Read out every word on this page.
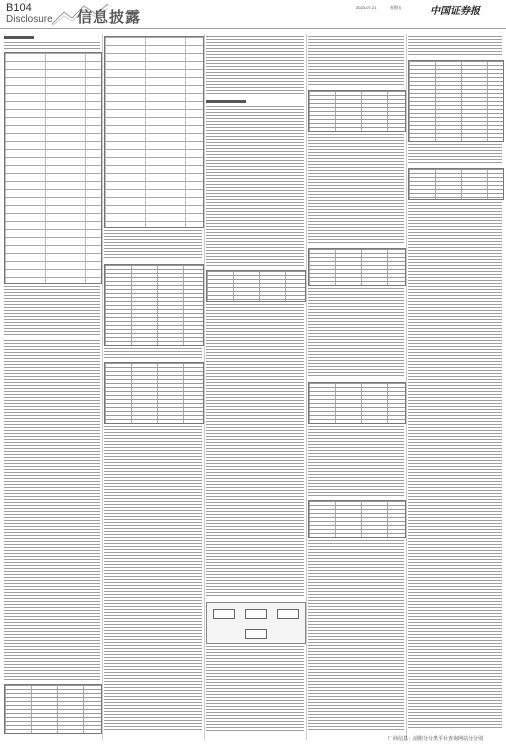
B104
Disclosure 信息披露
2023-07-21	星期五	中国证券报
厂商信息：前附分分类平台查询网站分分别
